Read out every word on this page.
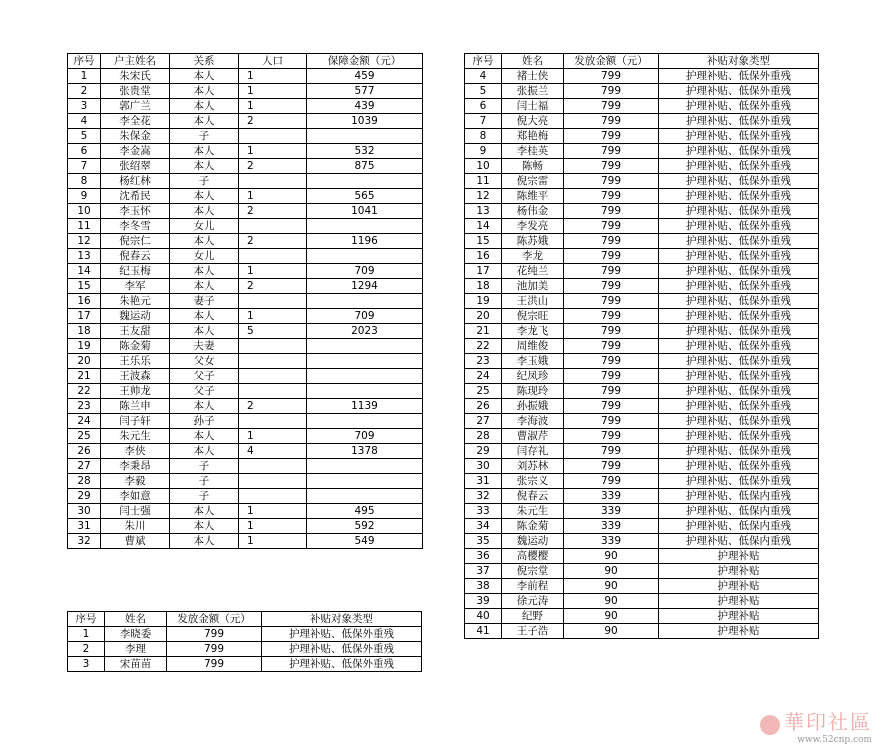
序号	户主姓名	关系	人口	保障金额（元）
1	朱宋氏	本人	1	459
2	张贵堂	本人	1	577
3	郭广兰	本人	1	439
4	李全花	本人	2	1039
5	朱保金	子		
6	李金嵩	本人	1	532
7	张绍翠	本人	2	875
8	杨红林	子		
9	沈希民	本人	1	565
10	李玉怀	本人	2	1041
11	李冬雪	女儿		
12	倪宗仁	本人	2	1196
13	倪春云	女儿		
14	纪玉梅	本人	1	709
15	李军	本人	2	1294
16	朱艳元	妻子		
17	魏运动	本人	1	709
18	王友甜	本人	5	2023
19	陈金菊	夫妻		
20	王乐乐	父女		
21	王波森	父子		
22	王帅龙	父子		
23	陈兰申	本人	2	1139
24	闫子轩	孙子		
25	朱元生	本人	1	709
26	李侠	本人	4	1378
27	李秉昂	子		
28	李毅	子		
29	李如意	子		
30	闫士强	本人	1	495
31	朱川	本人	1	592
32	曹斌	本人	1	549
序号	姓名	发放金额（元）	补贴对象类型
1	李晓委	799	护理补贴、低保外重残
2	李理	799	护理补贴、低保外重残
3	宋苗苗	799	护理补贴、低保外重残
序号	姓名	发放金额（元）	补贴对象类型
4	褚士侠	799	护理补贴、低保外重残
5	张振兰	799	护理补贴、低保外重残
6	闫士福	799	护理补贴、低保外重残
7	倪大亮	799	护理补贴、低保外重残
8	郑艳梅	799	护理补贴、低保外重残
9	李桂英	799	护理补贴、低保外重残
10	陈畅	799	护理补贴、低保外重残
11	倪宗雷	799	护理补贴、低保外重残
12	陈维平	799	护理补贴、低保外重残
13	杨伟金	799	护理补贴、低保外重残
14	李发亮	799	护理补贴、低保外重残
15	陈苏娥	799	护理补贴、低保外重残
16	李龙	799	护理补贴、低保外重残
17	花纯兰	799	护理补贴、低保外重残
18	池加美	799	护理补贴、低保外重残
19	王洪山	799	护理补贴、低保外重残
20	倪宗旺	799	护理补贴、低保外重残
21	李龙飞	799	护理补贴、低保外重残
22	周维俊	799	护理补贴、低保外重残
23	李玉娥	799	护理补贴、低保外重残
24	纪凤珍	799	护理补贴、低保外重残
25	陈现玲	799	护理补贴、低保外重残
26	孙振娥	799	护理补贴、低保外重残
27	李海波	799	护理补贴、低保外重残
28	曹淑芹	799	护理补贴、低保外重残
29	闫存礼	799	护理补贴、低保外重残
30	刘苏林	799	护理补贴、低保外重残
31	张宗义	799	护理补贴、低保外重残
32	倪春云	339	护理补贴、低保内重残
33	朱元生	339	护理补贴、低保内重残
34	陈金菊	339	护理补贴、低保内重残
35	魏运动	339	护理补贴、低保内重残
36	高樱樱	90	护理补贴
37	倪宗堂	90	护理补贴
38	李前程	90	护理补贴
39	徐元涛	90	护理补贴
40	纪野	90	护理补贴
41	王子浩	90	护理补贴
華印社區
www.52cnp.com
